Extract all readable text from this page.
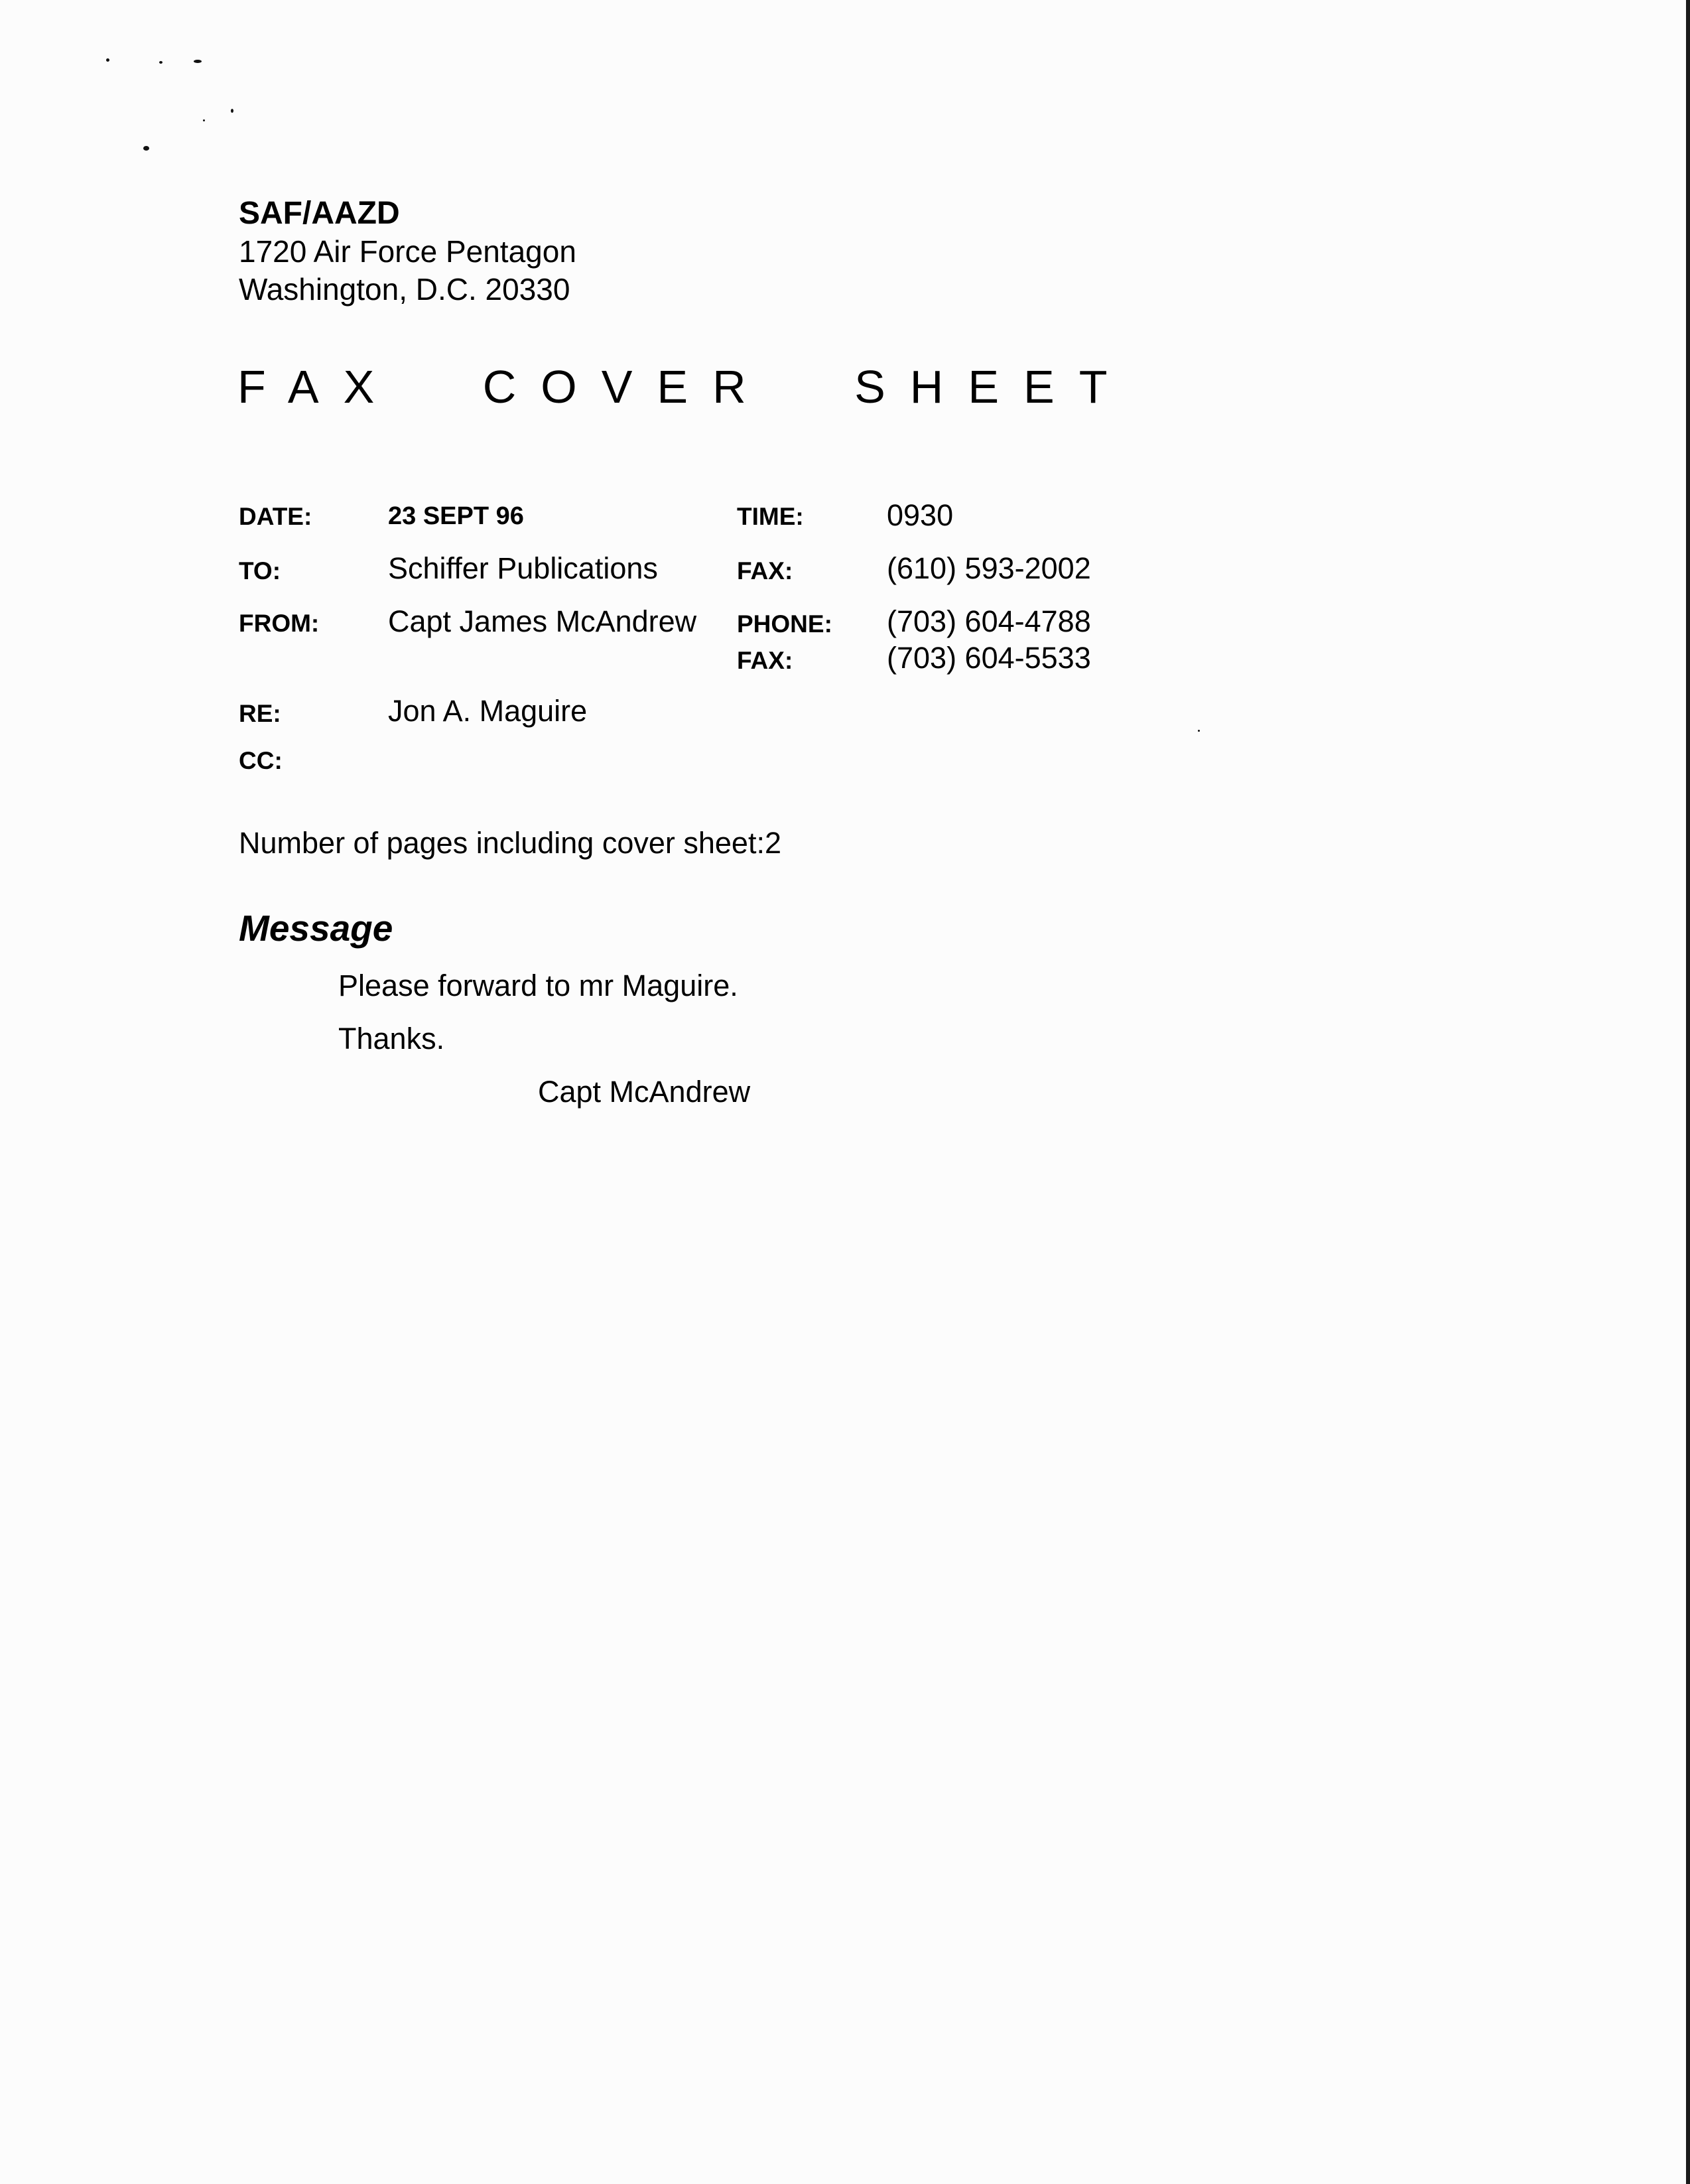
SAF/AAZD
1720 Air Force Pentagon
Washington, D.C. 20330
FAX COVER SHEET
DATE:	23 SEPT 96	TIME:	0930
TO:	Schiffer Publications	FAX:	(610) 593-2002
FROM: Capt James McAndrew PHONE: (703) 604-4788
FAX:	(703) 604-5533
RE:	Jon A. Maguire
CC:
Number of pages including cover sheet:2
Message
Please forward to mr Maguire.
Thanks.
Capt McAndrew
